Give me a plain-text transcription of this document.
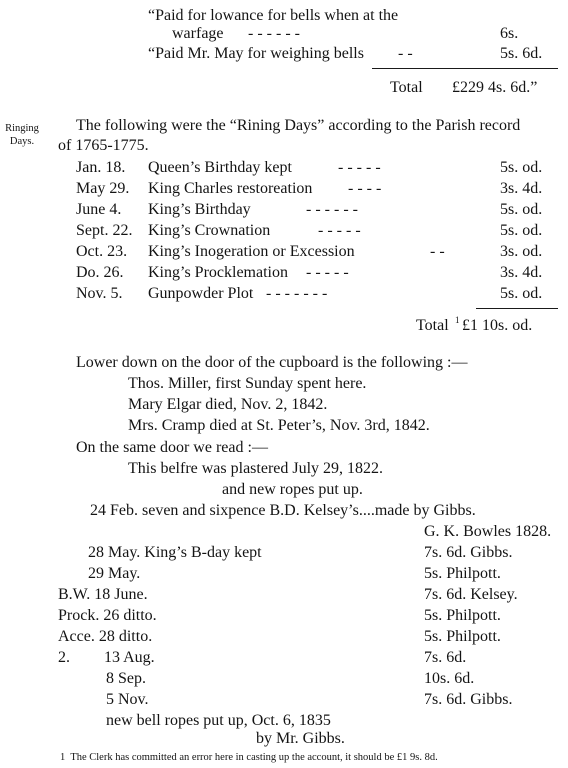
“Paid for lowance for bells when at the
warfage - - - - - -	6s.
“Paid Mr. May for weighing bells - -	5s. 6d.
Total £229 4s. 6d.”
Ringing
Days.
The following were the “Rining Days” according to the Parish record
of 1765-1775.
Jan. 18. Queen’s Birthday kept	- - - - -	5s. od.
May 29. King Charles restoreation - - - -	3s. 4d.
June 4. King’s Birthday	- - - - - -	5s. od.
Sept. 22. King’s Crownation	- - - - -	5s. od.
Oct. 23. King’s Inogeration or Excession	- -	3s. od.
Do. 26. King’s Procklemation - - - - -	3s. 4d.
Nov. 5. Gunpowder Plot - - - - - - -	5s. od.
Total 1 £1 10s. od.
Lower down on the door of the cupboard is the following :—
Thos. Miller, first Sunday spent here.
Mary Elgar died, Nov. 2, 1842.
Mrs. Cramp died at St. Peter’s, Nov. 3rd, 1842.
On the same door we read :—
This belfre was plastered July 29, 1822.
and new ropes put up.
24 Feb. seven and sixpence B.D. Kelsey’s....made by Gibbs.
G. K. Bowles 1828.
28 May. King’s B-day kept	7s. 6d. Gibbs.
29 May.	5s. Philpott.
B.W. 18 June.	7s. 6d. Kelsey.
Prock. 26 ditto.	5s. Philpott.
Acce. 28 ditto.	5s. Philpott.
2. 13 Aug.	7s. 6d.
8 Sep.	10s. 6d.
5 Nov.	7s. 6d. Gibbs.
new bell ropes put up, Oct. 6, 1835
by Mr. Gibbs.
1 The Clerk has committed an error here in casting up the account, it should be £1 9s. 8d.
